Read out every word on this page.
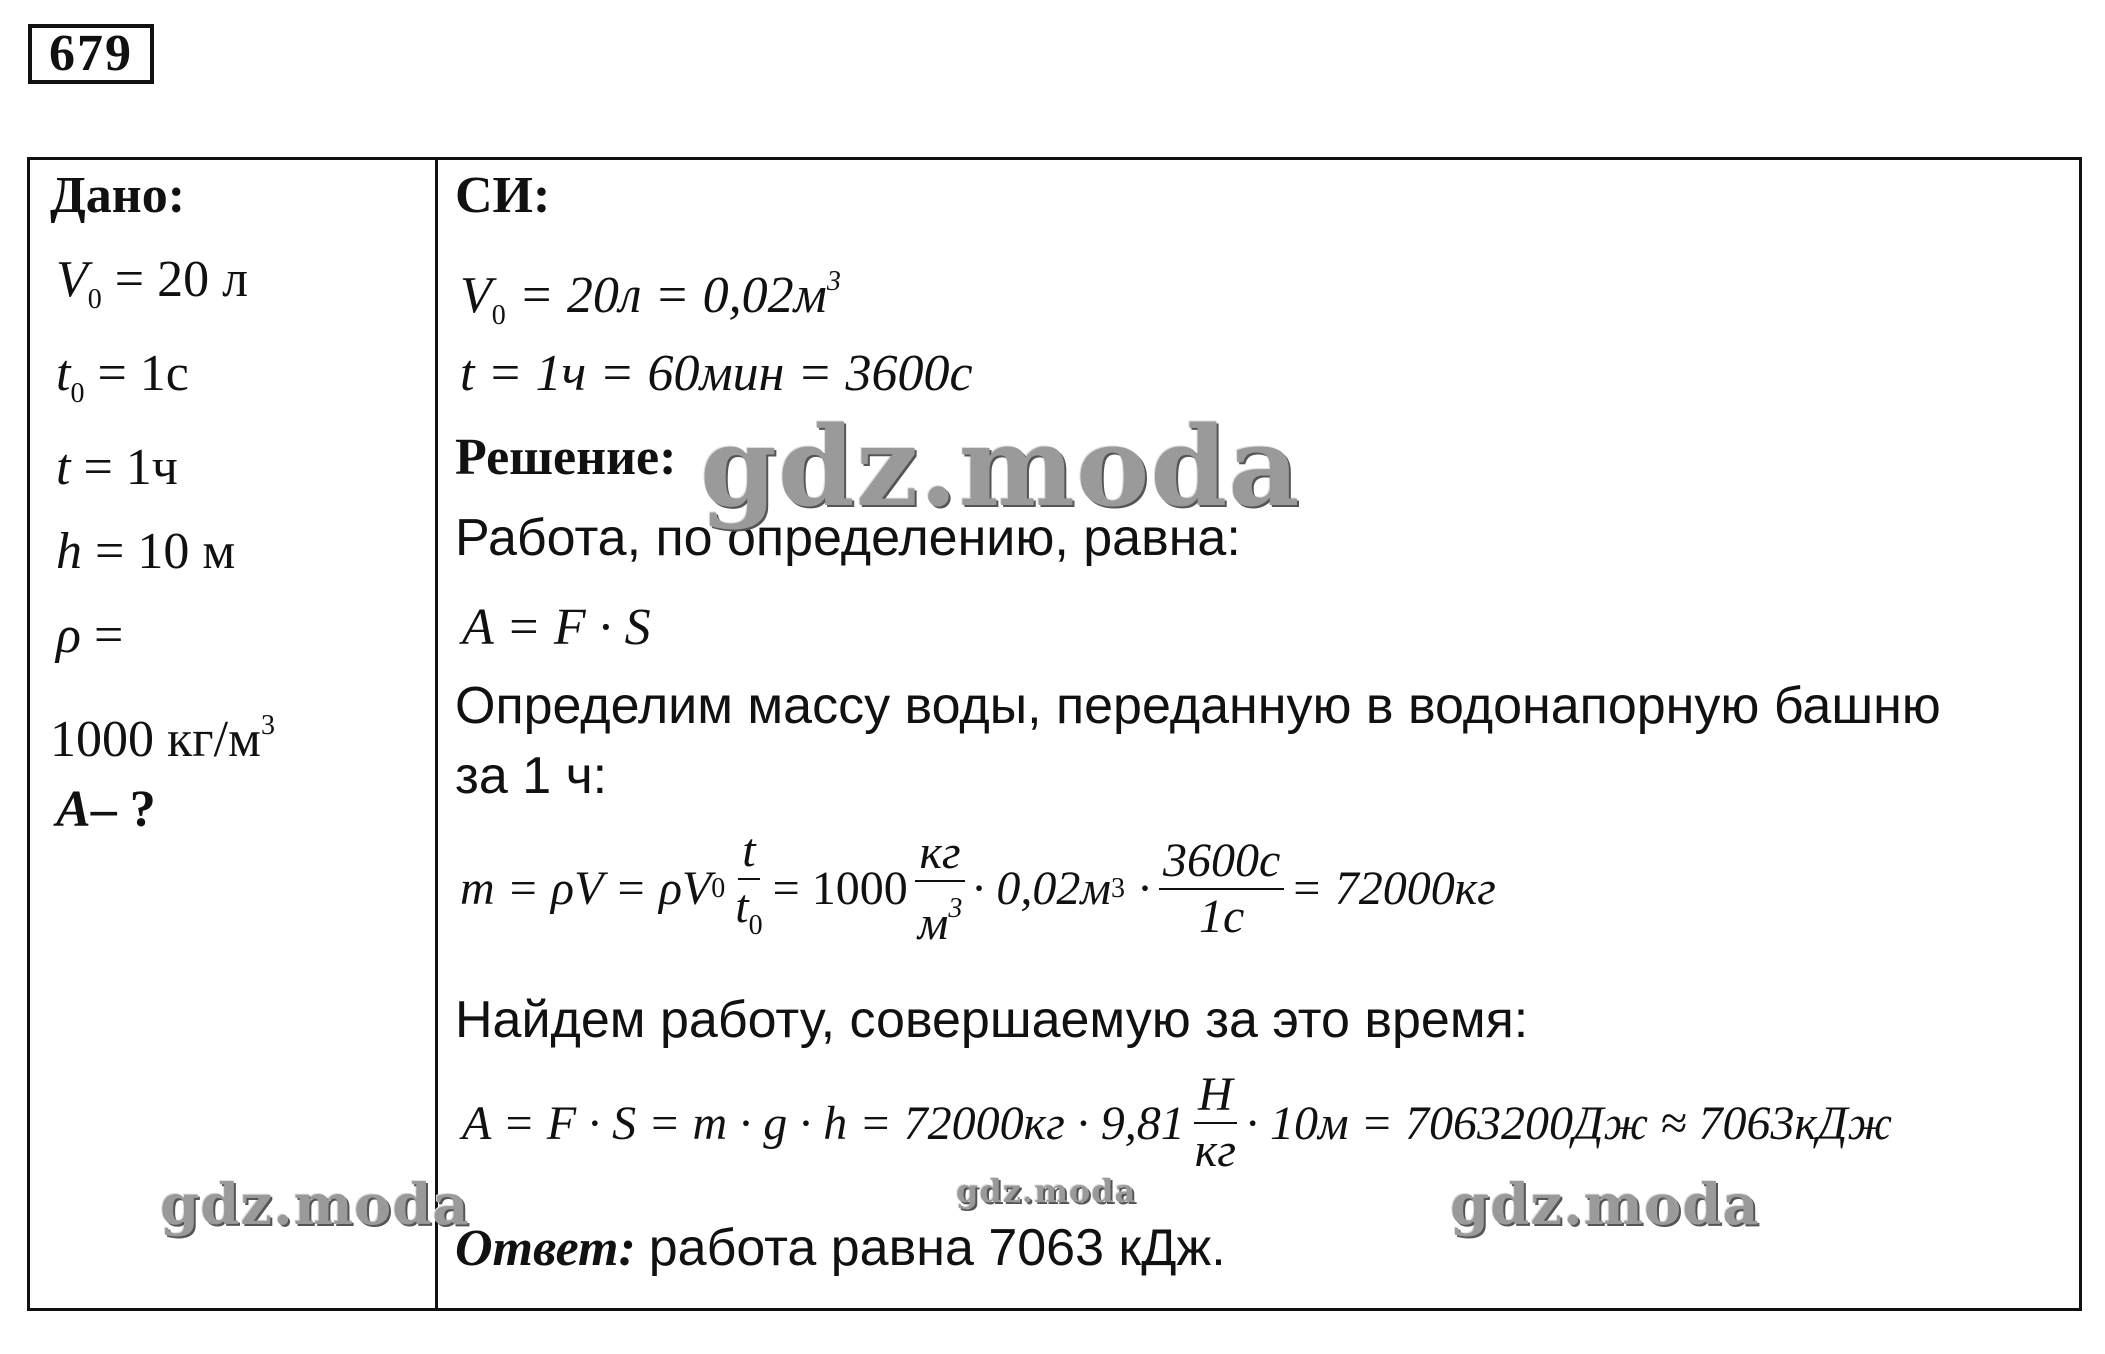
679
Дано:
$V_0 = 20$ л
$t_0 = 1с$
t = 1ч
h = 10 м
ρ =
1000 $кг/м^3$
A– ?
СИ:
$V_0 = 20л = 0,02м^3$
t = 1ч = 60мин = 3600с
Решение:
Работа, по определению, равна:
A = F · S
Определим массу воды, переданную в водонапорную башню
за 1 ч:
m = ρV = ρV $0 \frac{t}{t_0} = 1000 \frac{кг}{м^3} \cdot 0,02м$ 3
· $\frac{3600с}{1с} = 72000кг$
Найдем работу, совершаемую за это время:
$A = F \cdot S = m \cdot g \cdot h = 72000кг \cdot 9,81 \frac{Н}{кг} \cdot 10м = 7063200Дж \approx 7063кДж$
Ответ: работа равна 7063 кДж.
gdz.moda
gdz.moda	gdz.moda	gdz.moda
